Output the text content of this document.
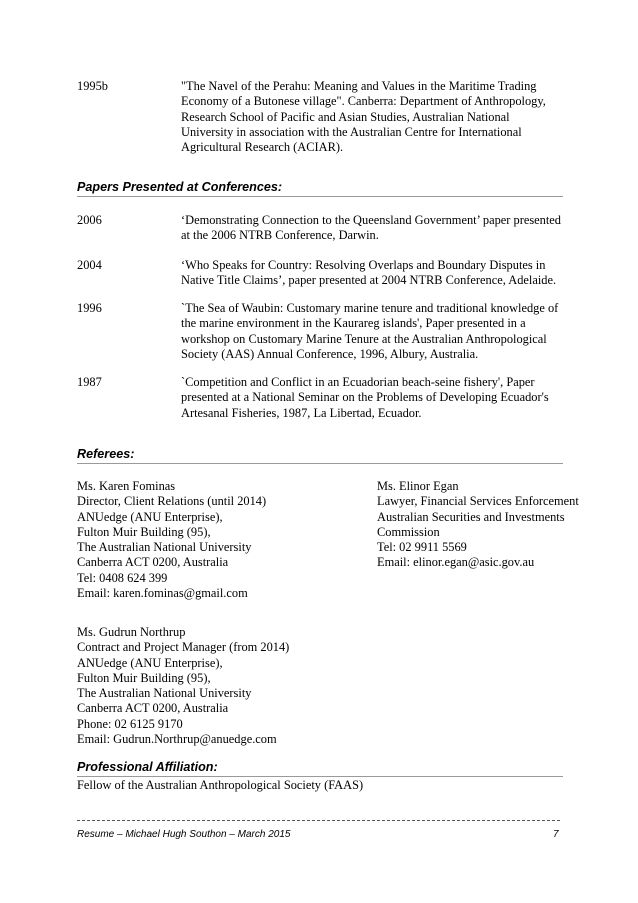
1995b	"The Navel of the Perahu: Meaning and Values in the Maritime Trading
Economy of a Butonese village". Canberra: Department of Anthropology,
Research School of Pacific and Asian Studies, Australian National
University in association with the Australian Centre for International
Agricultural Research (ACIAR).
Papers Presented at Conferences:
2006	‘Demonstrating Connection to the Queensland Government’ paper presented
at the 2006 NTRB Conference, Darwin.
2004	‘Who Speaks for Country: Resolving Overlaps and Boundary Disputes in
Native Title Claims’, paper presented at 2004 NTRB Conference, Adelaide.
1996	`The Sea of Waubin: Customary marine tenure and traditional knowledge of
the marine environment in the Kaurareg islands', Paper presented in a
workshop on Customary Marine Tenure at the Australian Anthropological
Society (AAS) Annual Conference, 1996, Albury, Australia.
1987	`Competition and Conflict in an Ecuadorian beach-seine fishery', Paper
presented at a National Seminar on the Problems of Developing Ecuador's
Artesanal Fisheries, 1987, La Libertad, Ecuador.
Referees:
Ms. Karen Fominas
Director, Client Relations (until 2014)
ANUedge (ANU Enterprise),
Fulton Muir Building (95),
The Australian National University
Canberra ACT 0200, Australia
Tel: 0408 624 399
Email: karen.fominas@gmail.com
Ms. Elinor Egan
Lawyer, Financial Services Enforcement
Australian Securities and Investments
Commission
Tel: 02 9911 5569
Email: elinor.egan@asic.gov.au
Ms. Gudrun Northrup
Contract and Project Manager (from 2014)
ANUedge (ANU Enterprise),
Fulton Muir Building (95),
The Australian National University
Canberra ACT 0200, Australia
Phone: 02 6125 9170
Email: Gudrun.Northrup@anuedge.com
Professional Affiliation:
Fellow of the Australian Anthropological Society (FAAS)
Resume – Michael Hugh Southon – March 2015	7
